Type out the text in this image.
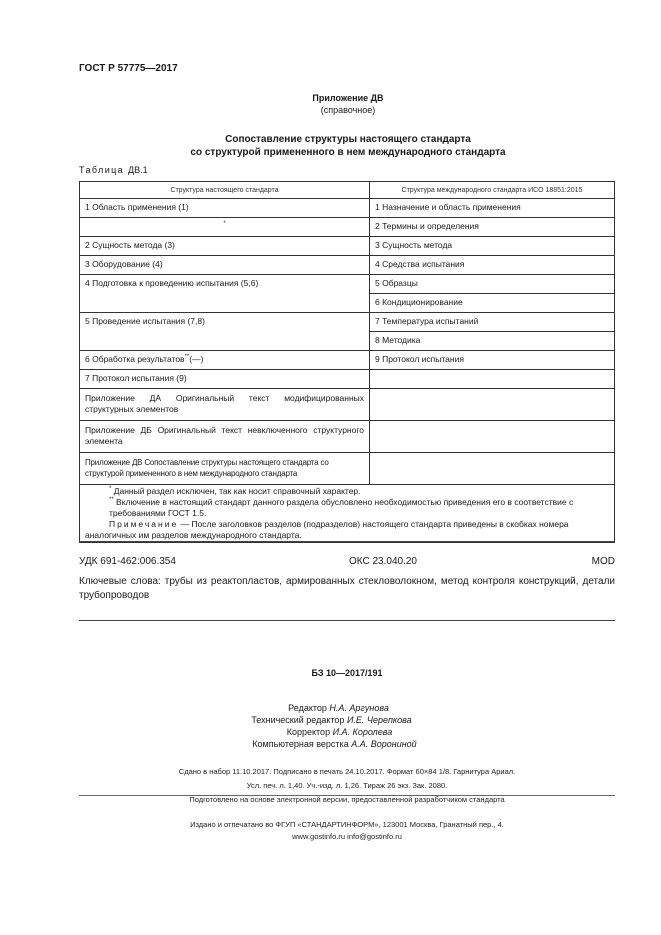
ГОСТ Р 57775—2017
Приложение ДВ
(справочное)
Сопоставление структуры настоящего стандарта
со структурой примененного в нем международного стандарта
Таблица ДВ.1
Структура настоящего стандарта	Структура международного стандарта ИСО 18851:2015
1 Область применения (1)	1 Назначение и область применения
*	2 Термины и определения
2 Сущность метода (3)	3 Сущность метода
3 Оборудование (4)	4 Средства испытания
4 Подготовка к проведению испытания (5,6)	5 Образцы
	6 Кондиционирование
5 Проведение испытания (7,8)	7 Температура испытаний
	8 Методика
6 Обработка результатов**(—)	9 Протокол испытания
7 Протокол испытания (9)	
Приложение ДА Оригинальный текст модифицированных структурных элементов	
Приложение ДБ Оригинальный текст невключенного структурного элемента	
Приложение ДВ Сопоставление структуры настоящего стандарта со структурой примененного в нем международного стандарта	

* Данный раздел исключен, так как носит справочный характер.
** Включение в настоящий стандарт данного раздела обусловлено необходимостью приведения его в соответствие с требованиями ГОСТ 1.5.
Примечание — После заголовков разделов (подразделов) настоящего стандарта приведены в скобках номера аналогичных им разделов международного стандарта.	
УДК 691-462:006.354	ОКС 23.040.20	MOD
Ключевые слова: трубы из реактопластов, армированных стекловолокном, метод контроля конструкций, детали трубопроводов
БЗ 10—2017/191
Редактор Н.А. Аргунова
Технический редактор И.Е. Черепкова
Корректор И.А. Королева
Компьютерная верстка А.А. Ворониной
Сдано в набор 11.10.2017. Подписано в печать 24.10.2017. Формат 60×84 1/8. Гарнитура Ариал.
Усл. печ. л. 1,40. Уч.-изд. л. 1,26. Тираж 26 экз. Зак. 2080.
Подготовлено на основе электронной версии, предоставленной разработчиком стандарта
Издано и отпечатано во ФГУП «СТАНДАРТИНФОРМ», 123001 Москва, Гранатный пер., 4.
www.gostinfo.ru info@gostinfo.ru
